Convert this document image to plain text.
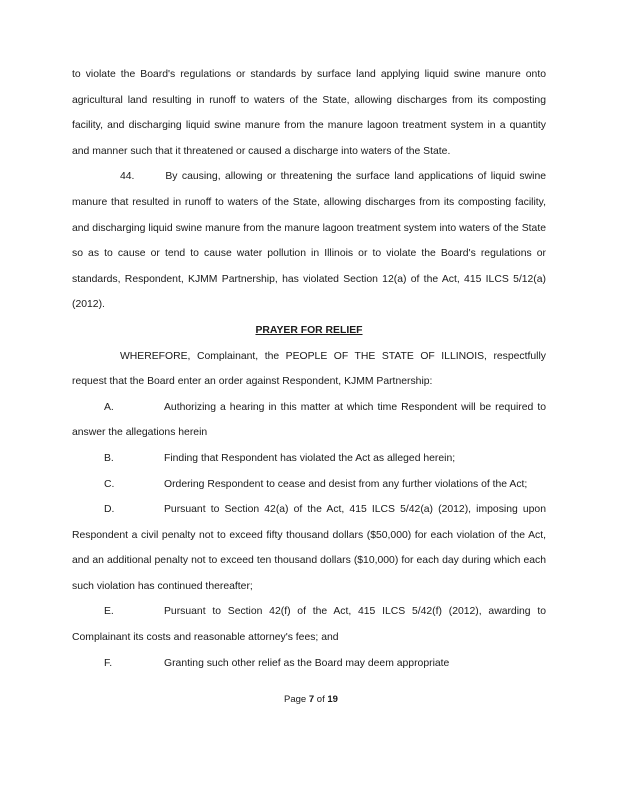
to violate the Board's regulations or standards by surface land applying liquid swine manure onto agricultural land resulting in runoff to waters of the State, allowing discharges from its composting facility, and discharging liquid swine manure from the manure lagoon treatment system in a quantity and manner such that it threatened or caused a discharge into waters of the State.

44.	By causing, allowing or threatening the surface land applications of liquid swine manure that resulted in runoff to waters of the State, allowing discharges from its composting facility, and discharging liquid swine manure from the manure lagoon treatment system into waters of the State so as to cause or tend to cause water pollution in Illinois or to violate the Board's regulations or standards, Respondent, KJMM Partnership, has violated Section 12(a) of the Act, 415 ILCS 5/12(a) (2012).

PRAYER FOR RELIEF

WHEREFORE, Complainant, the PEOPLE OF THE STATE OF ILLINOIS, respectfully request that the Board enter an order against Respondent, KJMM Partnership:

A.	Authorizing a hearing in this matter at which time Respondent will be required to answer the allegations herein

B.	Finding that Respondent has violated the Act as alleged herein;

C.	Ordering Respondent to cease and desist from any further violations of the Act;

D.	Pursuant to Section 42(a) of the Act, 415 ILCS 5/42(a) (2012), imposing upon Respondent a civil penalty not to exceed fifty thousand dollars ($50,000) for each violation of the Act, and an additional penalty not to exceed ten thousand dollars ($10,000) for each day during which each such violation has continued thereafter;

E.	Pursuant to Section 42(f) of the Act, 415 ILCS 5/42(f) (2012), awarding to Complainant its costs and reasonable attorney's fees; and

F.	Granting such other relief as the Board may deem appropriate

Page 7 of 19
